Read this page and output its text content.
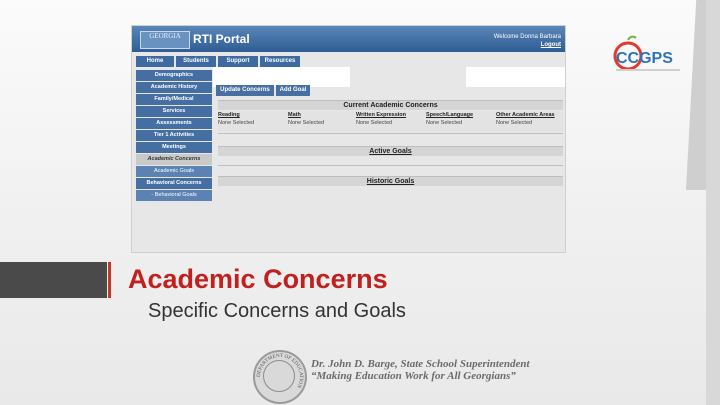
GEORGIA	RTI Portal	Welcome Donna Barbara
Logout
Home	Students	Support	Resources
Demographics
Academic History
Family/Medical
Services
Assessments
Tier 1 Activities
Meetings
Academic Concerns
Academic Goals
Behavioral Concerns
- Behavioral Goals
Update Concerns	Add Goal
Current Academic Concerns
Reading
None Selected
Math
None Selected
Written Expression
None Selected
Speech/Language
None Selected
Other Academic Areas
None Selected
Active Goals
Historic Goals
Academic Concerns
Specific Concerns and Goals
CCGPS
DEPARTMENT OF EDUCATION
Dr. John D. Barge, State School Superintendent
“Making Education Work for All Georgians”
